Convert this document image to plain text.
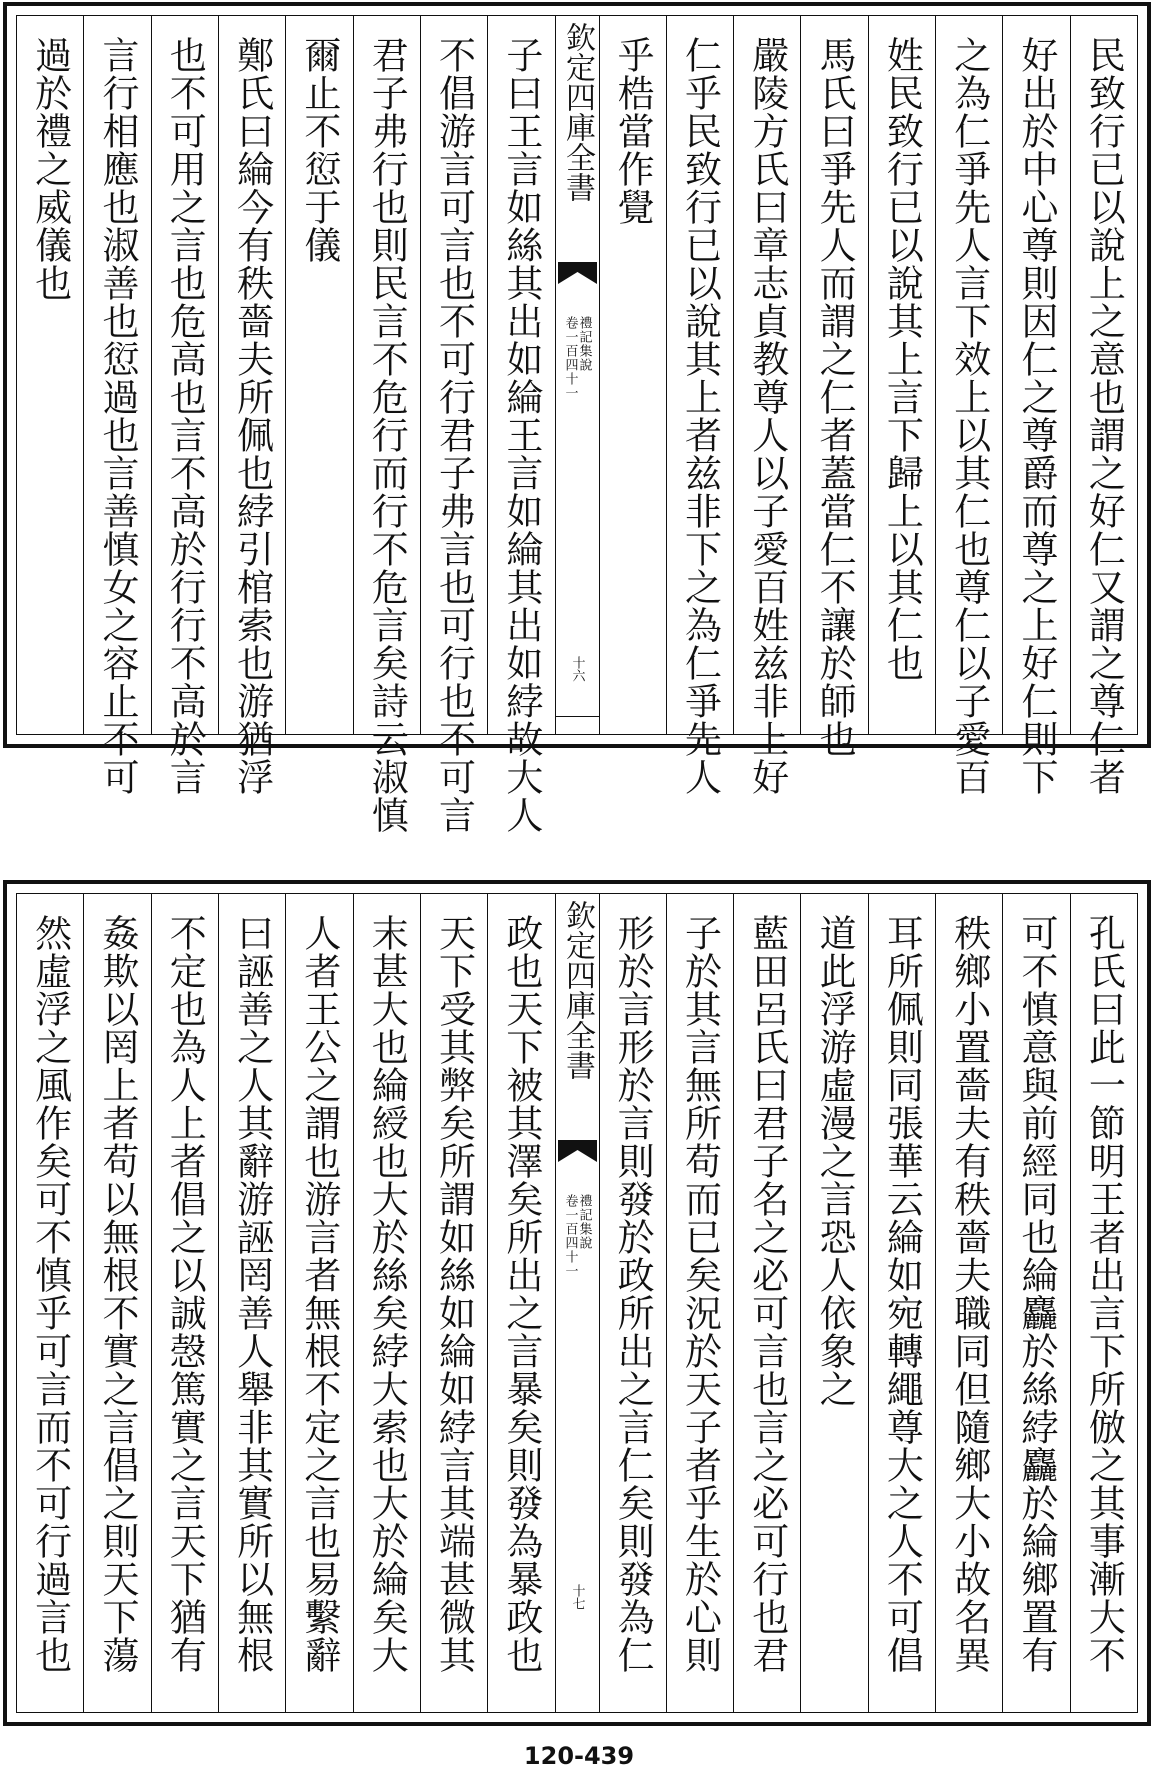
民致行已以說上之意也謂之好仁又謂之尊仁者
好出於中心尊則因仁之尊爵而尊之上好仁則下
之為仁爭先人言下效上以其仁也尊仁以子愛百
姓民致行已以說其上言下歸上以其仁也
馬氏曰爭先人而謂之仁者蓋當仁不讓於師也
嚴陵方氏曰章志貞教尊人以子愛百姓兹非上好
仁乎民致行已以說其上者兹非下之為仁爭先人
乎梏當作覺
欽定四庫全書
禮記集說
卷一百四十一
十六
子曰王言如絲其出如綸王言如綸其出如綍故大人
不倡游言可言也不可行君子弗言也可行也不可言
君子弗行也則民言不危行而行不危言矣詩云淑慎
爾止不愆于儀
鄭氏曰綸今有秩嗇夫所佩也綍引棺索也游猶浮
也不可用之言也危高也言不高於行行不高於言
言行相應也淑善也愆過也言善慎女之容止不可
過於禮之威儀也
孔氏曰此一節明王者出言下所倣之其事漸大不
可不慎意與前經同也綸麤於絲綍麤於綸鄉置有
秩鄉小置嗇夫有秩嗇夫職同但隨鄉大小故名異
耳所佩則同張華云綸如宛轉繩尊大之人不可倡
道此浮游虛漫之言恐人依象之
藍田呂氏曰君子名之必可言也言之必可行也君
子於其言無所苟而已矣況於天子者乎生於心則
形於言形於言則發於政所出之言仁矣則發為仁
欽定四庫全書
禮記集說
卷一百四十一
十七
政也天下被其澤矣所出之言暴矣則發為暴政也
天下受其弊矣所謂如絲如綸如綍言其端甚微其
末甚大也綸綬也大於絲矣綍大索也大於綸矣大
人者王公之謂也游言者無根不定之言也易繫辭
曰誣善之人其辭游誣罔善人舉非其實所以無根
不定也為人上者倡之以誠愨篤實之言天下猶有
姦欺以罔上者苟以無根不實之言倡之則天下蕩
然虛浮之風作矣可不慎乎可言而不可行過言也
120-439
